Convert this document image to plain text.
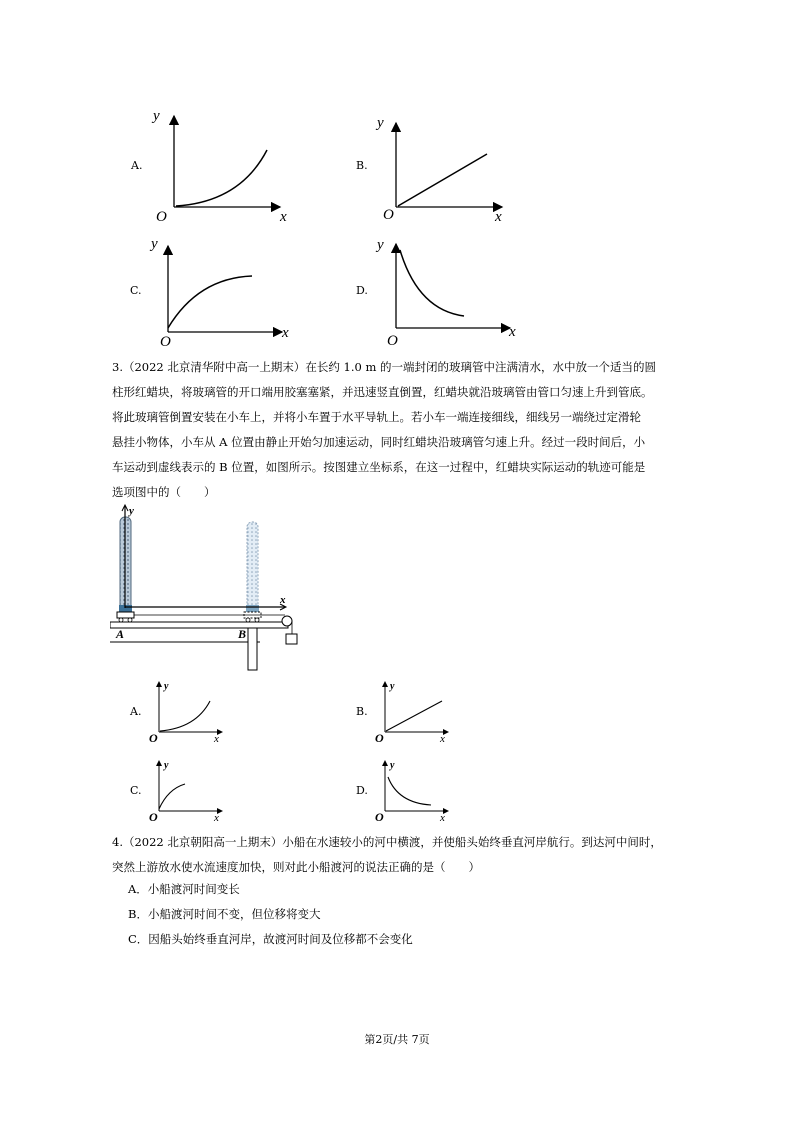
A.
y
O	x
B.
y
O	x
C.
y
O
x
D.
y
O
x
3.（2022 北京清华附中高一上期末）在长约 1.0 m 的一端封闭的玻璃管中注满清水，水中放一个适当的圆
柱形红蜡块，将玻璃管的开口端用胶塞塞紧，并迅速竖直倒置，红蜡块就沿玻璃管由管口匀速上升到管底。
将此玻璃管倒置安装在小车上，并将小车置于水平导轨上。若小车一端连接细线，细线另一端绕过定滑轮
悬挂小物体，小车从 A 位置由静止开始匀加速运动，同时红蜡块沿玻璃管匀速上升。经过一段时间后，小
车运动到虚线表示的 B 位置，如图所示。按图建立坐标系，在这一过程中，红蜡块实际运动的轨迹可能是
选项图中的（　　）
y
x
A	B
A.
y
O	x
B.
y
O	x
C.
y
O	x
D.
y
O	x
4.（2022 北京朝阳高一上期末）小船在水速较小的河中横渡，并使船头始终垂直河岸航行。到达河中间时，
突然上游放水使水流速度加快，则对此小船渡河的说法正确的是（　　）
A．小船渡河时间变长
B．小船渡河时间不变，但位移将变大
C．因船头始终垂直河岸，故渡河时间及位移都不会变化
第2页/共 7页
